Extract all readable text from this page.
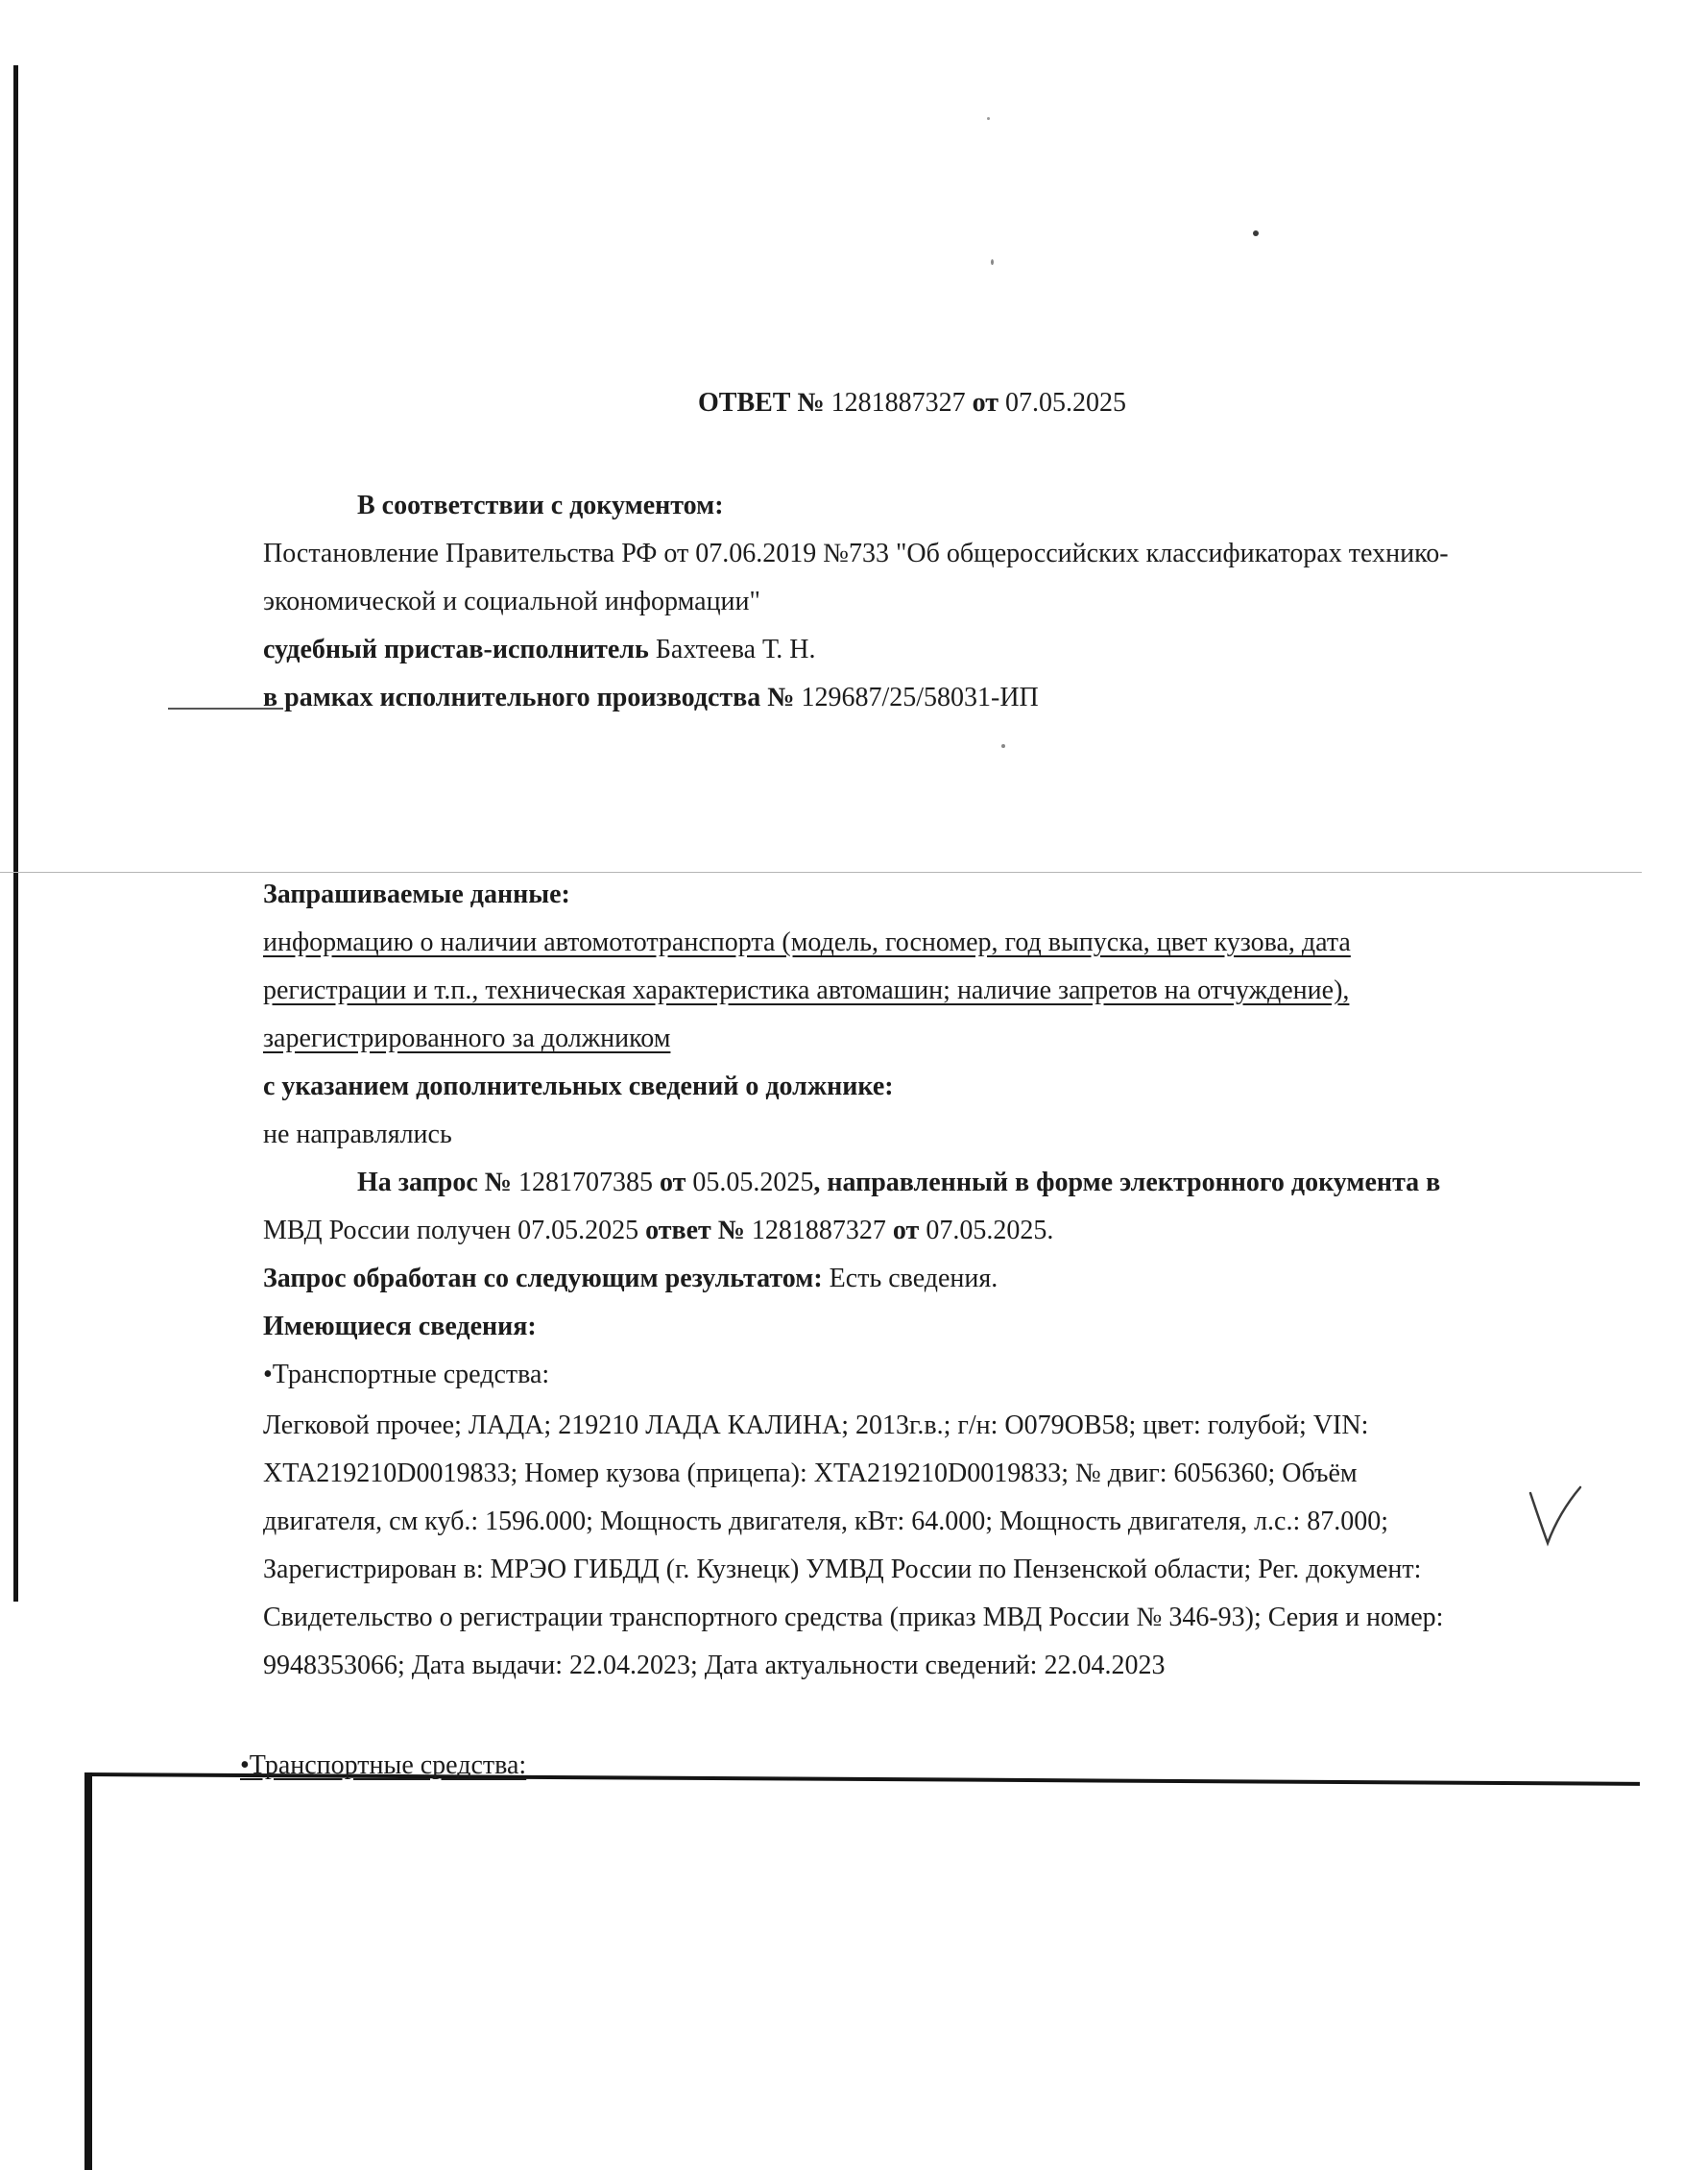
ОТВЕТ № 1281887327 от 07.05.2025
В соответствии с документом:
Постановление Правительства РФ от 07.06.2019 №733 "Об общероссийских классификаторах технико-
экономической и социальной информации"
судебный пристав-исполнитель Бахтеева Т. Н.
в рамках исполнительного производства № 129687/25/58031-ИП
Запрашиваемые данные:
информацию о наличии автомототранспорта (модель, госномер, год выпуска, цвет кузова, дата
регистрации и т.п., техническая характеристика автомашин; наличие запретов на отчуждение),
зарегистрированного за должником
с указанием дополнительных сведений о должнике:
не направлялись
На запрос № 1281707385 от 05.05.2025, направленный в форме электронного документа в
МВД России получен 07.05.2025 ответ № 1281887327 от 07.05.2025.
Запрос обработан со следующим результатом: Есть сведения.
Имеющиеся сведения:
•Транспортные средства:
Легковой прочее; ЛАДА; 219210 ЛАДА КАЛИНА; 2013г.в.; г/н: О079ОВ58; цвет: голубой; VIN:
XTA219210D0019833; Номер кузова (прицепа): XTA219210D0019833; № двиг: 6056360; Объём
двигателя, см куб.: 1596.000; Мощность двигателя, кВт: 64.000; Мощность двигателя, л.с.: 87.000;
Зарегистрирован в: МРЭО ГИБДД (г. Кузнецк) УМВД России по Пензенской области; Рег. документ:
Свидетельство о регистрации транспортного средства (приказ МВД России № 346-93); Серия и номер:
9948353066; Дата выдачи: 22.04.2023; Дата актуальности сведений: 22.04.2023
•Транспортные средства:
